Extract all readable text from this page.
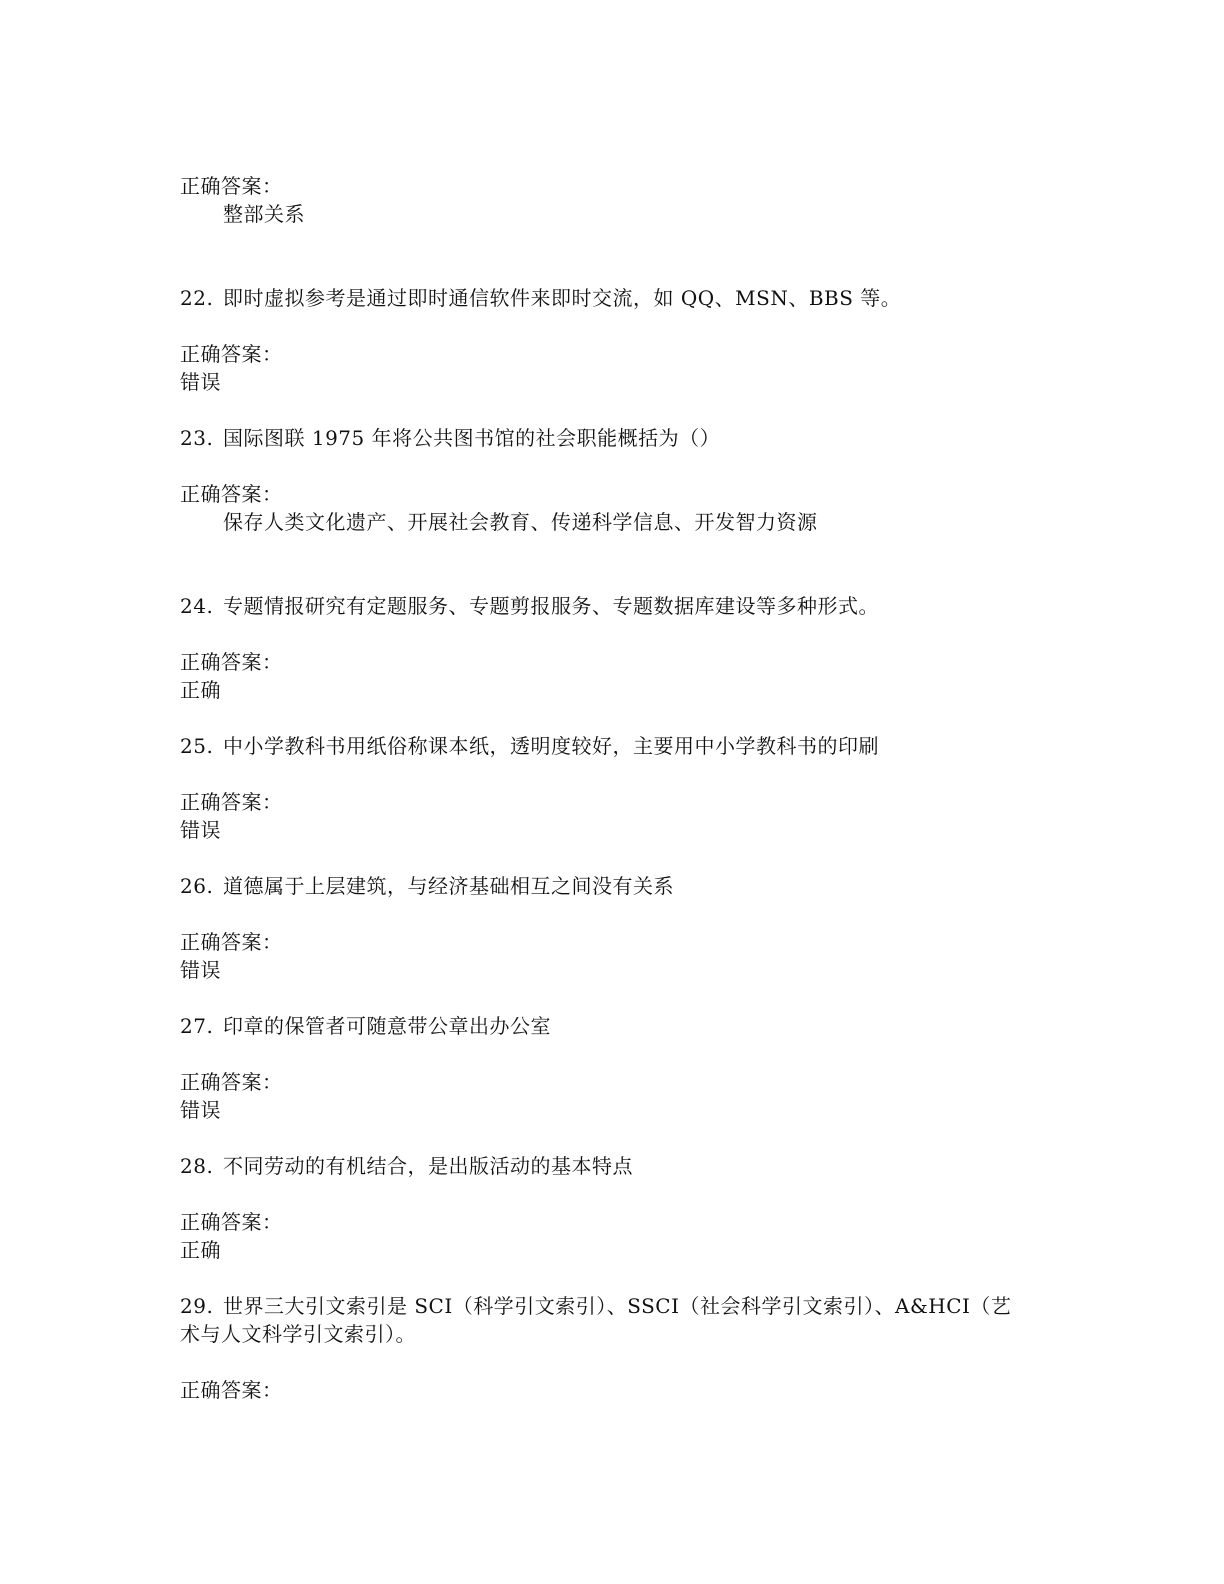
正确答案：
整部关系
22. 即时虚拟参考是通过即时通信软件来即时交流，如 QQ、MSN、BBS 等。
正确答案：
错误
23. 国际图联 1975 年将公共图书馆的社会职能概括为（）
正确答案：
保存人类文化遗产、开展社会教育、传递科学信息、开发智力资源
24. 专题情报研究有定题服务、专题剪报服务、专题数据库建设等多种形式。
正确答案：
正确
25. 中小学教科书用纸俗称课本纸，透明度较好，主要用中小学教科书的印刷
正确答案：
错误
26. 道德属于上层建筑，与经济基础相互之间没有关系
正确答案：
错误
27. 印章的保管者可随意带公章出办公室
正确答案：
错误
28. 不同劳动的有机结合，是出版活动的基本特点
正确答案：
正确
29. 世界三大引文索引是 SCI（科学引文索引）、SSCI（社会科学引文索引）、A&HCI（艺
术与人文科学引文索引）。
正确答案：
